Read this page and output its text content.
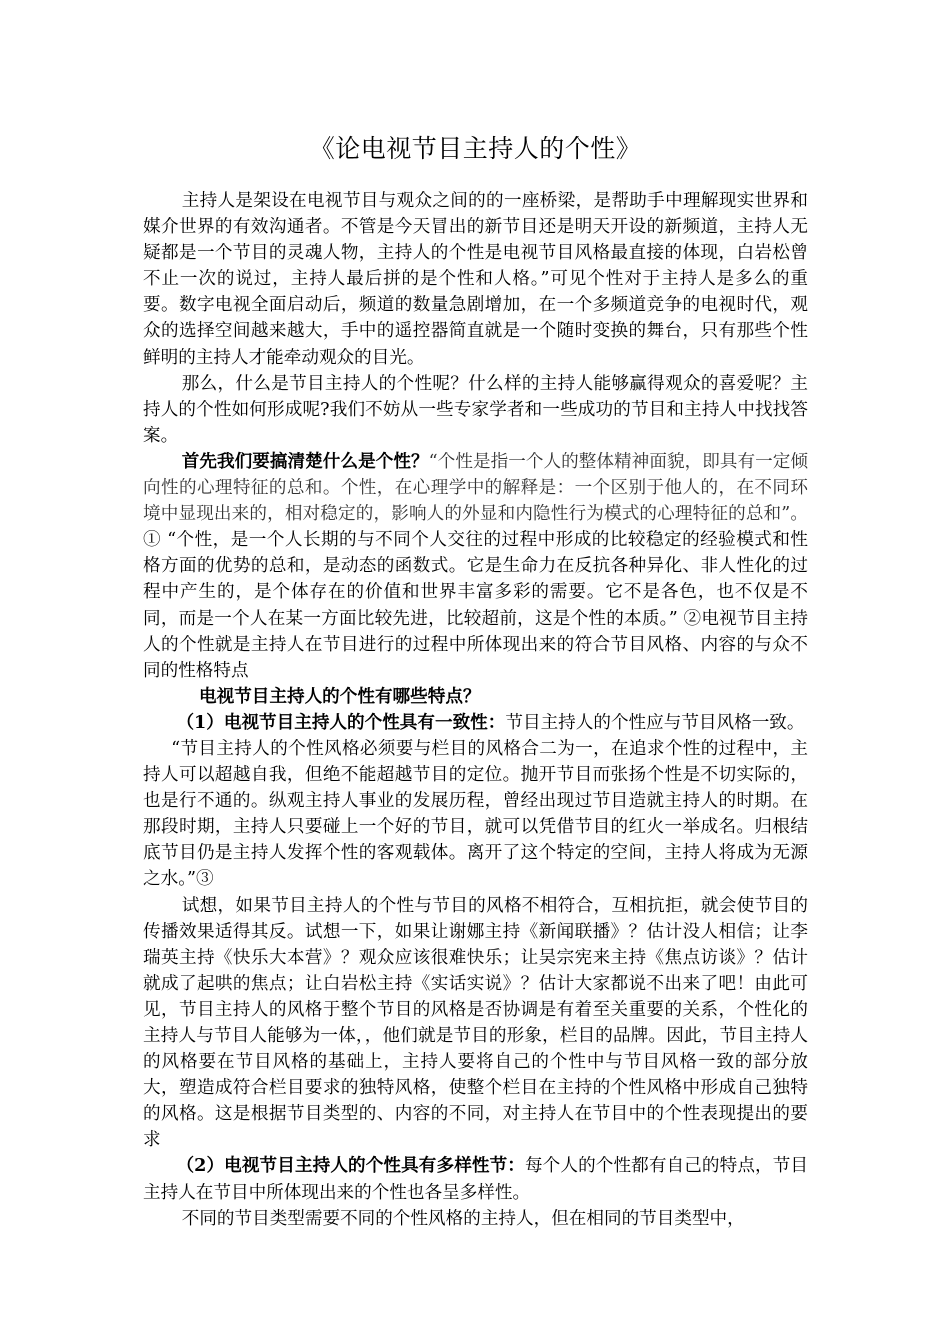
《论电视节目主持人的个性》

主持人是架设在电视节目与观众之间的的一座桥梁，是帮助手中理解现实世界和媒介世界的有效沟通者。不管是今天冒出的新节目还是明天开设的新频道，主持人无疑都是一个节目的灵魂人物，主持人的个性是电视节目风格最直接的体现，白岩松曾不止一次的说过，主持人最后拼的是个性和人格。”可见个性对于主持人是多么的重要。数字电视全面启动后，频道的数量急剧增加，在一个多频道竞争的电视时代，观众的选择空间越来越大，手中的遥控器简直就是一个随时变换的舞台，只有那些个性鲜明的主持人才能牵动观众的目光。

那么，什么是节目主持人的个性呢？什么样的主持人能够赢得观众的喜爱呢？主持人的个性如何形成呢?我们不妨从一些专家学者和一些成功的节目和主持人中找找答案。

首先我们要搞清楚什么是个性？“个性是指一个人的整体精神面貌，即具有一定倾向性的心理特征的总和。个性，在心理学中的解释是：一个区别于他人的，在不同环境中显现出来的，相对稳定的，影响人的外显和内隐性行为模式的心理特征的总和”。① “个性，是一个人长期的与不同个人交往的过程中形成的比较稳定的经验模式和性格方面的优势的总和，是动态的函数式。它是生命力在反抗各种异化、非人性化的过程中产生的，是个体存在的价值和世界丰富多彩的需要。它不是各色，也不仅是不同，而是一个人在某一方面比较先进，比较超前，这是个性的本质。” ②电视节目主持人的个性就是主持人在节目进行的过程中所体现出来的符合节目风格、内容的与众不同的性格特点

电视节目主持人的个性有哪些特点？

（1）电视节目主持人的个性具有一致性：节目主持人的个性应与节目风格一致。

“节目主持人的个性风格必须要与栏目的风格合二为一，在追求个性的过程中，主持人可以超越自我，但绝不能超越节目的定位。抛开节目而张扬个性是不切实际的，也是行不通的。纵观主持人事业的发展历程，曾经出现过节目造就主持人的时期。在那段时期，主持人只要碰上一个好的节目，就可以凭借节目的红火一举成名。归根结底节目仍是主持人发挥个性的客观载体。离开了这个特定的空间，主持人将成为无源之水。”③

试想，如果节目主持人的个性与节目的风格不相符合，互相抗拒，就会使节目的传播效果适得其反。试想一下，如果让谢娜主持《新闻联播》？估计没人相信；让李瑞英主持《快乐大本营》？观众应该很难快乐；让吴宗宪来主持《焦点访谈》？估计就成了起哄的焦点；让白岩松主持《实话实说》？估计大家都说不出来了吧！由此可见，节目主持人的风格于整个节目的风格是否协调是有着至关重要的关系，个性化的主持人与节目人能够为一体，，他们就是节目的形象，栏目的品牌。因此，节目主持人的风格要在节目风格的基础上，主持人要将自己的个性中与节目风格一致的部分放大，塑造成符合栏目要求的独特风格，使整个栏目在主持的个性风格中形成自己独特的风格。这是根据节目类型的、内容的不同，对主持人在节目中的个性表现提出的要求

（2）电视节目主持人的个性具有多样性节：每个人的个性都有自己的特点，节目主持人在节目中所体现出来的个性也各呈多样性。

不同的节目类型需要不同的个性风格的主持人，但在相同的节目类型中，
